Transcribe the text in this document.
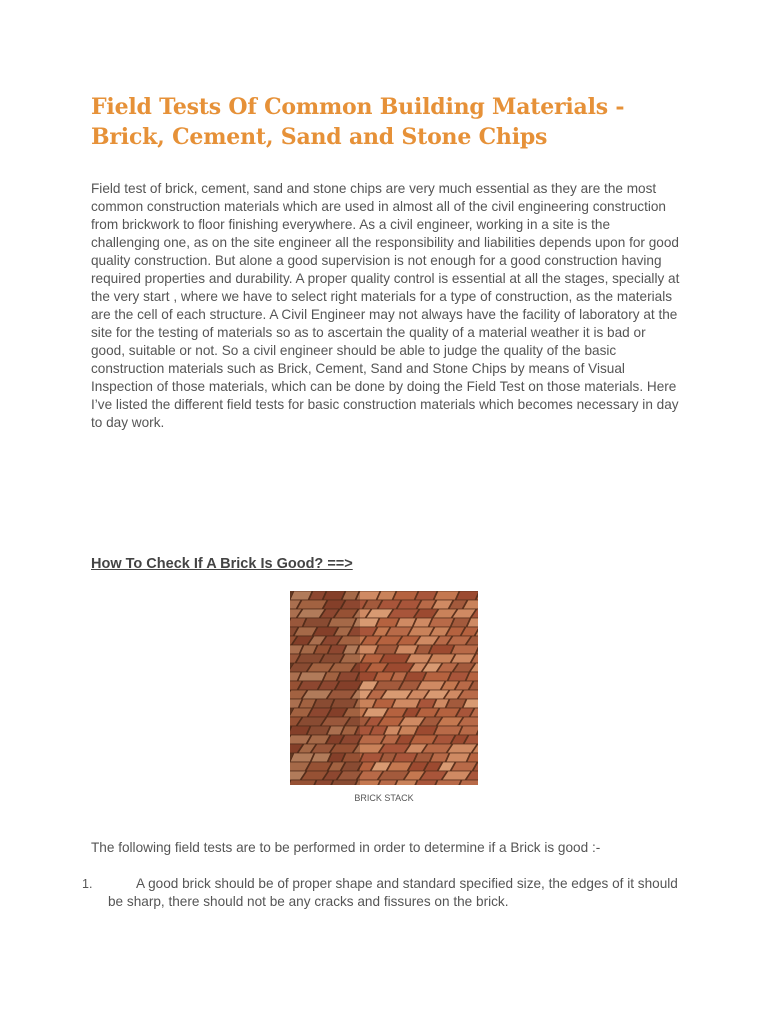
Field Tests Of Common Building Materials - Brick, Cement, Sand and Stone Chips

Field test of brick, cement, sand and stone chips are very much essential as they are the most common construction materials which are used in almost all of the civil engineering construction from brickwork to floor finishing everywhere. As a civil engineer, working in a site is the challenging one, as on the site engineer all the responsibility and liabilities depends upon for good quality construction. But alone a good supervision is not enough for a good construction having required properties and durability. A proper quality control is essential at all the stages, specially at the very start , where we have to select right materials for a type of construction, as the materials are the cell of each structure. A Civil Engineer may not always have the facility of laboratory at the site for the testing of materials so as to ascertain the quality of a material weather it is bad or good, suitable or not. So a civil engineer should be able to judge the quality of the basic construction materials such as Brick, Cement, Sand and Stone Chips by means of Visual Inspection of those materials, which can be done by doing the Field Test on those materials. Here I’ve listed the different field tests for basic construction materials which becomes necessary in day to day work.

How To Check If A Brick Is Good? ==>
BRICK STACK

The following field tests are to be performed in order to determine if a Brick is good :-

1.	A good brick should be of proper shape and standard specified size, the edges of it should be sharp, there should not be any cracks and fissures on the brick.
